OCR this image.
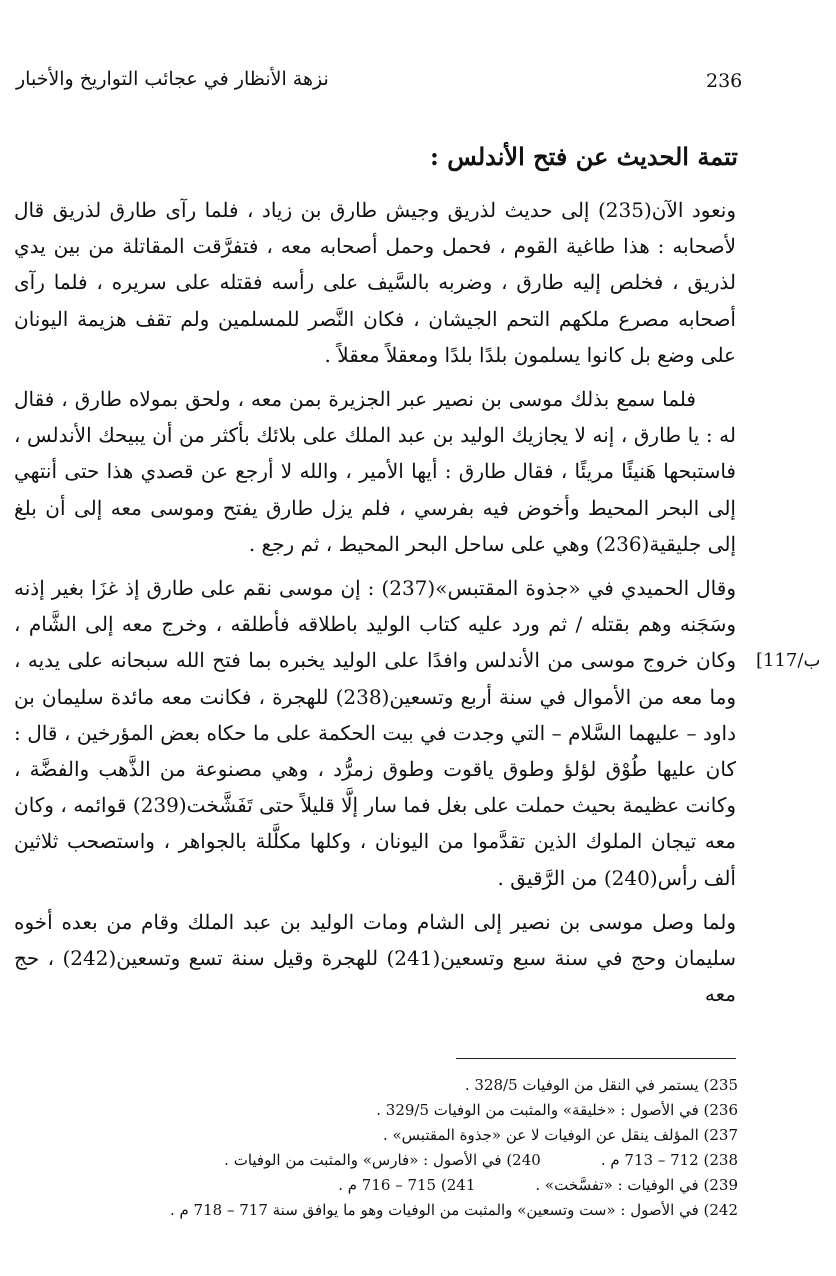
236
نزهة الأنظار في عجائب التواريخ والأخبار
تتمة الحديث عن فتح الأندلس :
[117/ب

ونعود الآن(235) إلى حديث لذريق وجيش طارق بن زياد ، فلما رآى طارق لذريق قال لأصحابه : هذا طاغية القوم ، فحمل وحمل أصحابه معه ، فتفرَّقت المقاتلة من بين يدي لذريق ، فخلص إليه طارق ، وضربه بالسَّيف على رأسه فقتله على سريره ، فلما رآى أصحابه مصرع ملكهم التحم الجيشان ، فكان النَّصر للمسلمين ولم تقف هزيمة اليونان على وضع بل كانوا يسلمون بلدًا بلدًا ومعقلاً معقلاً .

فلما سمع بذلك موسى بن نصير عبر الجزيرة بمن معه ، ولحق بمولاه طارق ، فقال له : يا طارق ، إنه لا يجازيك الوليد بن عبد الملك على بلائك بأكثر من أن يبيحك الأندلس ، فاستبحها هَنيئًا مريئًا ، فقال طارق : أيها الأمير ، والله لا أرجع عن قصدي هذا حتى أنتهي إلى البحر المحيط وأخوض فيه بفرسي ، فلم يزل طارق يفتح وموسى معه إلى أن بلغ إلى جليقية(236) وهي على ساحل البحر المحيط ، ثم رجع .

وقال الحميدي في «جذوة المقتبس»(237) : إن موسى نقم على طارق إذ غزَا بغير إذنه وسَجَنه وهم بقتله / ثم ورد عليه كتاب الوليد باطلاقه فأطلقه ، وخرج معه إلى الشَّام ، وكان خروج موسى من الأندلس وافدًا على الوليد يخبره بما فتح الله سبحانه على يديه ، وما معه من الأموال في سنة أربع وتسعين(238) للهجرة ، فكانت معه مائدة سليمان بن داود – عليهما السَّلام – التي وجدت في بيت الحكمة على ما حكاه بعض المؤرخين ، قال : كان عليها طُوْق لؤلؤ وطوق ياقوت وطوق زمرُّد ، وهي مصنوعة من الذَّهب والفضَّة ، وكانت عظيمة بحيث حملت على بغل فما سار إلَّا قليلاً حتى تَفَشَّخت(239) قوائمه ، وكان معه تيجان الملوك الذين تقدَّموا من اليونان ، وكلها مكلَّلة بالجواهر ، واستصحب ثلاثين ألف رأس(240) من الرَّقيق .

ولما وصل موسى بن نصير إلى الشام ومات الوليد بن عبد الملك وقام من بعده أخوه سليمان وحج في سنة سبع وتسعين(241) للهجرة وقيل سنة تسع وتسعين(242) ، حج معه

235) يستمر في النقل من الوفيات 328/5 .
236) في الأصول : «خليقة» والمثبت من الوفيات 329/5 .
237) المؤلف ينقل عن الوفيات لا عن «جذوة المقتبس» .
238) 712 – 713 م .
240) في الأصول : «فارس» والمثبت من الوفيات .
239) في الوفيات : «تفسَّخت» .
241) 715 – 716 م .
242) في الأصول : «ست وتسعين» والمثبت من الوفيات وهو ما يوافق سنة 717 – 718 م .
